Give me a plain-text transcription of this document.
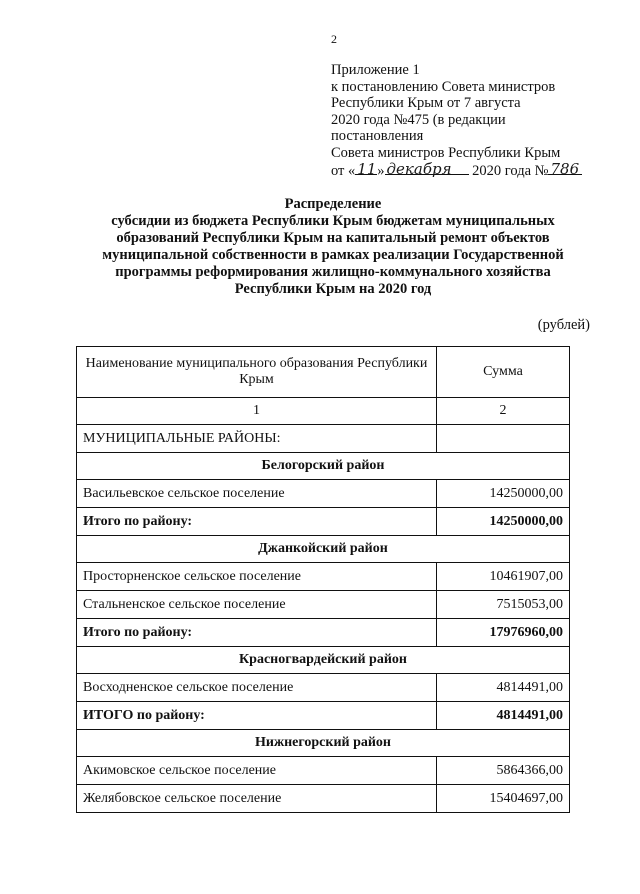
2
Приложение 1
к постановлению Совета министров
Республики Крым от 7 августа
2020 года №475 (в редакции
постановления
Совета министров Республики Крым
от « 11 » декабря 2020 года № 786
Распределение
субсидии из бюджета Республики Крым бюджетам муниципальных
образований Республики Крым на капитальный ремонт объектов
муниципальной собственности в рамках реализации Государственной
программы реформирования жилищно-коммунального хозяйства
Республики Крым на 2020 год
(рублей)
Наименование муниципального образования Республики Крым	Сумма
1	2
МУНИЦИПАЛЬНЫЕ РАЙОНЫ:	
Белогорский район	
Васильевское сельское поселение	14250000,00
Итого по району:	14250000,00
Джанкойский район	
Просторненское сельское поселение	10461907,00
Стальненское сельское поселение	7515053,00
Итого по району:	17976960,00
Красногвардейский район	
Восходненское сельское поселение	4814491,00
ИТОГО по району:	4814491,00
Нижнегорский район	
Акимовское сельское поселение	5864366,00
Желябовское сельское поселение	15404697,00
